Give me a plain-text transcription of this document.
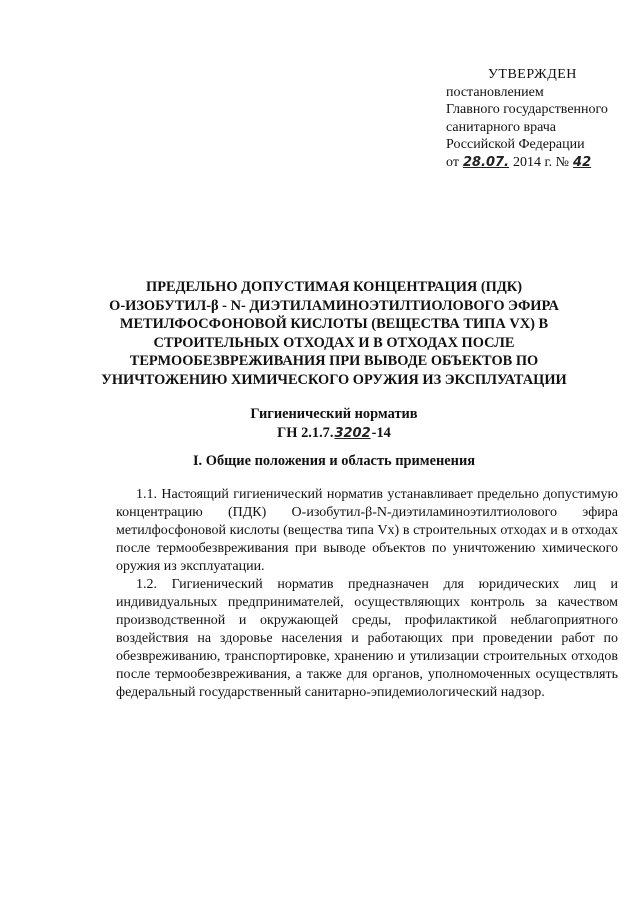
УТВЕРЖДЕН
постановлением
Главного государственного
санитарного врача
Российской Федерации
от 28.07. 2014 г. № 42
ПРЕДЕЛЬНО ДОПУСТИМАЯ КОНЦЕНТРАЦИЯ (ПДК)
О-ИЗОБУТИЛ-β - N- ДИЭТИЛАМИНОЭТИЛТИОЛОВОГО ЭФИРА
МЕТИЛФОСФОНОВОЙ КИСЛОТЫ (ВЕЩЕСТВА ТИПА VX) В
СТРОИТЕЛЬНЫХ ОТХОДАХ И В ОТХОДАХ ПОСЛЕ
ТЕРМООБЕЗВРЕЖИВАНИЯ ПРИ ВЫВОДЕ ОБЪЕКТОВ ПО
УНИЧТОЖЕНИЮ ХИМИЧЕСКОГО ОРУЖИЯ ИЗ ЭКСПЛУАТАЦИИ
Гигиенический норматив
ГН 2.1.7.3202-14
I. Общие положения и область применения

1.1. Настоящий гигиенический норматив устанавливает предельно допустимую концентрацию (ПДК) О-изобутил-β-N-диэтиламиноэтилтиолового эфира метилфосфоновой кислоты (вещества типа Vx) в строительных отходах и в отходах после термообезвреживания при выводе объектов по уничтожению химического оружия из эксплуатации.

1.2. Гигиенический норматив предназначен для юридических лиц и индивидуальных предпринимателей, осуществляющих контроль за качеством производственной и окружающей среды, профилактикой неблагоприятного воздействия на здоровье населения и работающих при проведении работ по обезвреживанию, транспортировке, хранению и утилизации строительных отходов после термообезвреживания, а также для органов, уполномоченных осуществлять федеральный государственный санитарно-эпидемиологический надзор.
